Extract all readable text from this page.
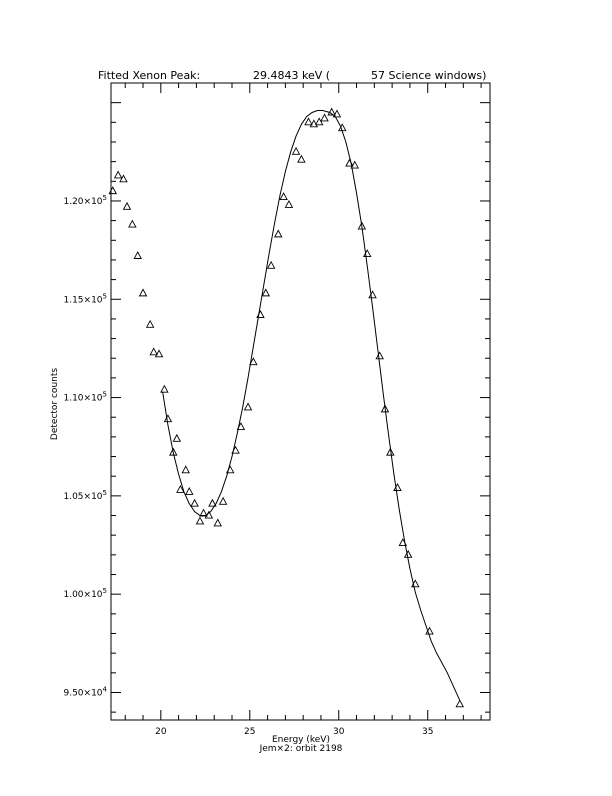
20	25	30	35
$9.50\times 10^4$
$1.00\times 10^5$
$1.05\times 10^5$
$1.10\times 10^5$
$1.15\times 10^5$
$1.20\times 10^5$
Fitted Xenon Peak:	29.4843 keV (	57 Science windows)
Energy (keV)
Jem×2: orbit 2198
Detector counts
